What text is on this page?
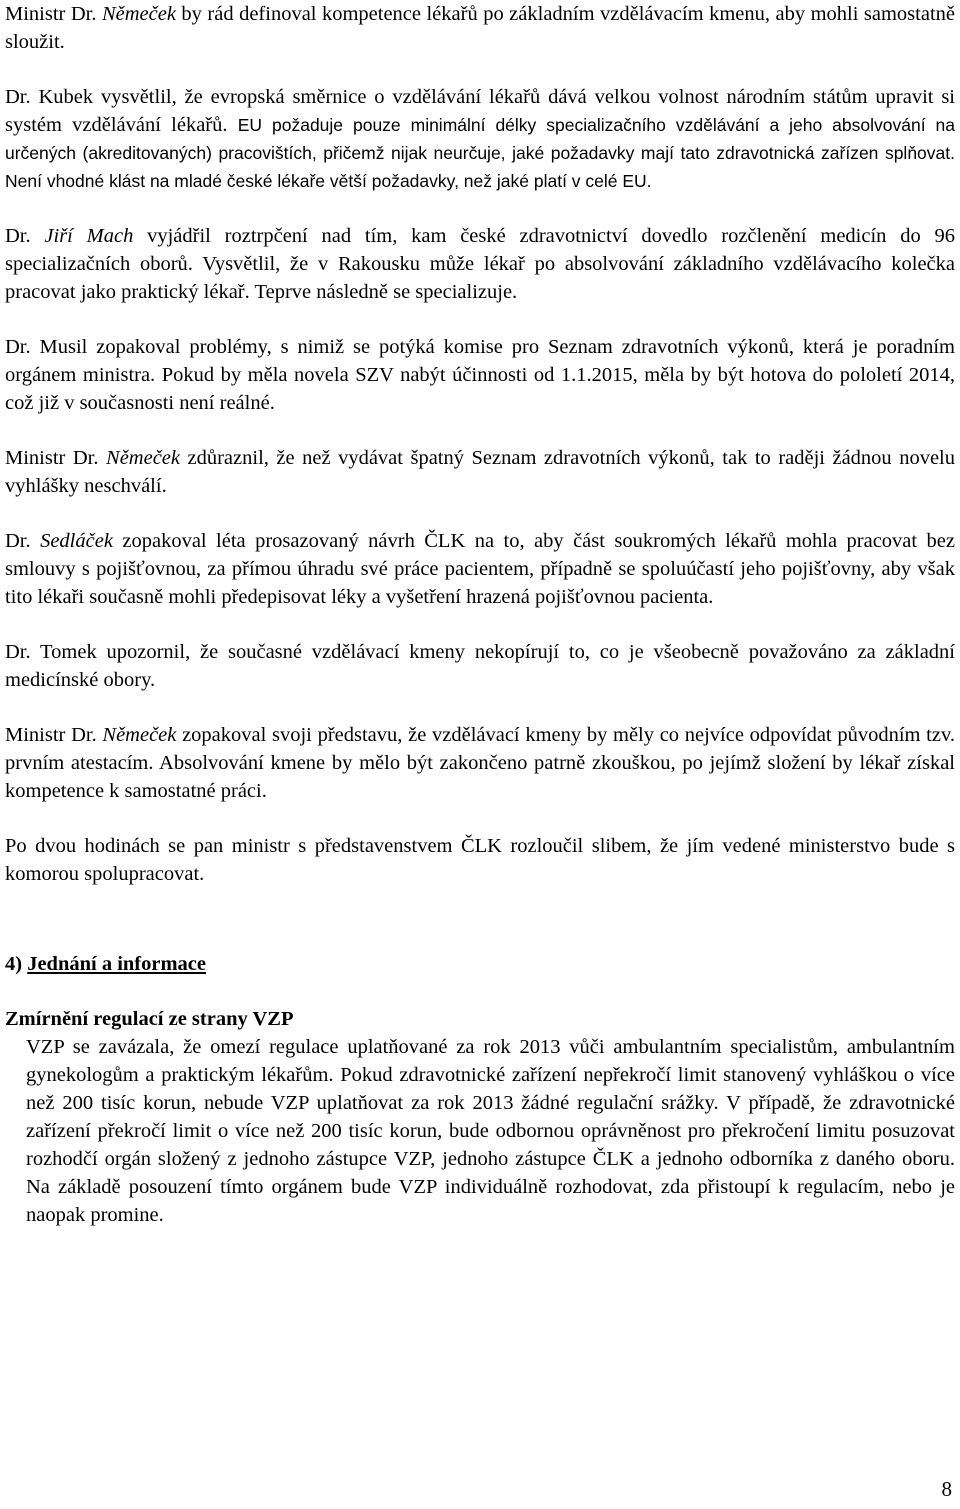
Ministr Dr. Němeček by rád definoval kompetence lékařů po základním vzdělávacím kmenu, aby mohli samostatně sloužit.

Dr. Kubek vysvětlil, že evropská směrnice o vzdělávání lékařů dává velkou volnost národním státům upravit si systém vzdělávání lékařů. EU požaduje pouze minimální délky specializačního vzdělávání a jeho absolvování na určených (akreditovaných) pracovištích, přičemž nijak neurčuje, jaké požadavky mají tato zdravotnická zařízen splňovat. Není vhodné klást na mladé české lékaře větší požadavky, než jaké platí v celé EU.

Dr. Jiří Mach vyjádřil roztrpčení nad tím, kam české zdravotnictví dovedlo rozčlenění medicín do 96 specializačních oborů. Vysvětlil, že v Rakousku může lékař po absolvování základního vzdělávacího kolečka pracovat jako praktický lékař. Teprve následně se specializuje.

Dr. Musil zopakoval problémy, s nimiž se potýká komise pro Seznam zdravotních výkonů, která je poradním orgánem ministra. Pokud by měla novela SZV nabýt účinnosti od 1.1.2015, měla by být hotova do pololetí 2014, což již v současnosti není reálné.

Ministr Dr. Němeček zdůraznil, že než vydávat špatný Seznam zdravotních výkonů, tak to raději žádnou novelu vyhlášky neschválí.

Dr. Sedláček zopakoval léta prosazovaný návrh ČLK na to, aby část soukromých lékařů mohla pracovat bez smlouvy s pojišťovnou, za přímou úhradu své práce pacientem, případně se spoluúčastí jeho pojišťovny, aby však tito lékaři současně mohli předepisovat léky a vyšetření hrazená pojišťovnou pacienta.

Dr. Tomek upozornil, že současné vzdělávací kmeny nekopírují to, co je všeobecně považováno za základní medicínské obory.

Ministr Dr. Němeček zopakoval svoji představu, že vzdělávací kmeny by měly co nejvíce odpovídat původním tzv. prvním atestacím. Absolvování kmene by mělo být zakončeno patrně zkouškou, po jejímž složení by lékař získal kompetence k samostatné práci.

Po dvou hodinách se pan ministr s představenstvem ČLK rozloučil slibem, že jím vedené ministerstvo bude s komorou spolupracovat.

4) Jednání a informace

Zmírnění regulací ze strany VZP

VZP se zavázala, že omezí regulace uplatňované za rok 2013 vůči ambulantním specialistům, ambulantním gynekologům a praktickým lékařům. Pokud zdravotnické zařízení nepřekročí limit stanovený vyhláškou o více než 200 tisíc korun, nebude VZP uplatňovat za rok 2013 žádné regulační srážky. V případě, že zdravotnické zařízení překročí limit o více než 200 tisíc korun, bude odbornou oprávněnost pro překročení limitu posuzovat rozhodčí orgán složený z jednoho zástupce VZP, jednoho zástupce ČLK a jednoho odborníka z daného oboru. Na základě posouzení tímto orgánem bude VZP individuálně rozhodovat, zda přistoupí k regulacím, nebo je naopak promine.

8
